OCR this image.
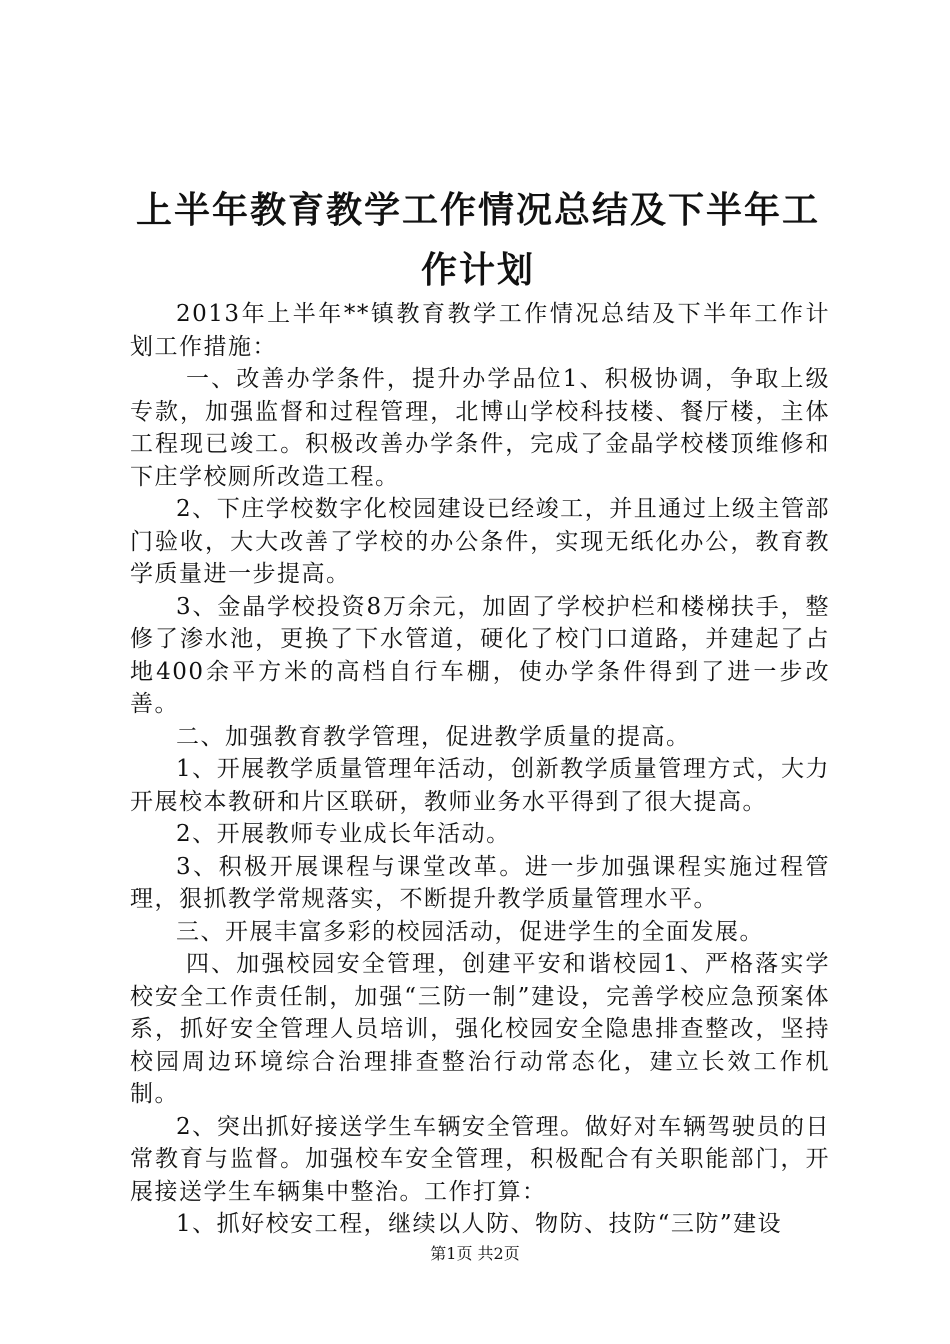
上半年教育教学工作情况总结及下半年工作计划

2013年上半年**镇教育教学工作情况总结及下半年工作计划工作措施：

一、改善办学条件，提升办学品位1、积极协调，争取上级专款，加强监督和过程管理，北博山学校科技楼、餐厅楼，主体工程现已竣工。积极改善办学条件，完成了金晶学校楼顶维修和下庄学校厕所改造工程。

2、下庄学校数字化校园建设已经竣工，并且通过上级主管部门验收，大大改善了学校的办公条件，实现无纸化办公，教育教学质量进一步提高。

3、金晶学校投资8万余元，加固了学校护栏和楼梯扶手，整修了渗水池，更换了下水管道，硬化了校门口道路，并建起了占地400余平方米的高档自行车棚，使办学条件得到了进一步改善。

二、加强教育教学管理，促进教学质量的提高。

1、开展教学质量管理年活动，创新教学质量管理方式，大力开展校本教研和片区联研，教师业务水平得到了很大提高。

2、开展教师专业成长年活动。

3、积极开展课程与课堂改革。进一步加强课程实施过程管理，狠抓教学常规落实，不断提升教学质量管理水平。

三、开展丰富多彩的校园活动，促进学生的全面发展。

四、加强校园安全管理，创建平安和谐校园1、严格落实学校安全工作责任制，加强“三防一制”建设，完善学校应急预案体系，抓好安全管理人员培训，强化校园安全隐患排查整改，坚持校园周边环境综合治理排查整治行动常态化，建立长效工作机制。

2、突出抓好接送学生车辆安全管理。做好对车辆驾驶员的日常教育与监督。加强校车安全管理，积极配合有关职能部门，开展接送学生车辆集中整治。工作打算：

1、抓好校安工程，继续以人防、物防、技防“三防”建设

第1页 共2页
